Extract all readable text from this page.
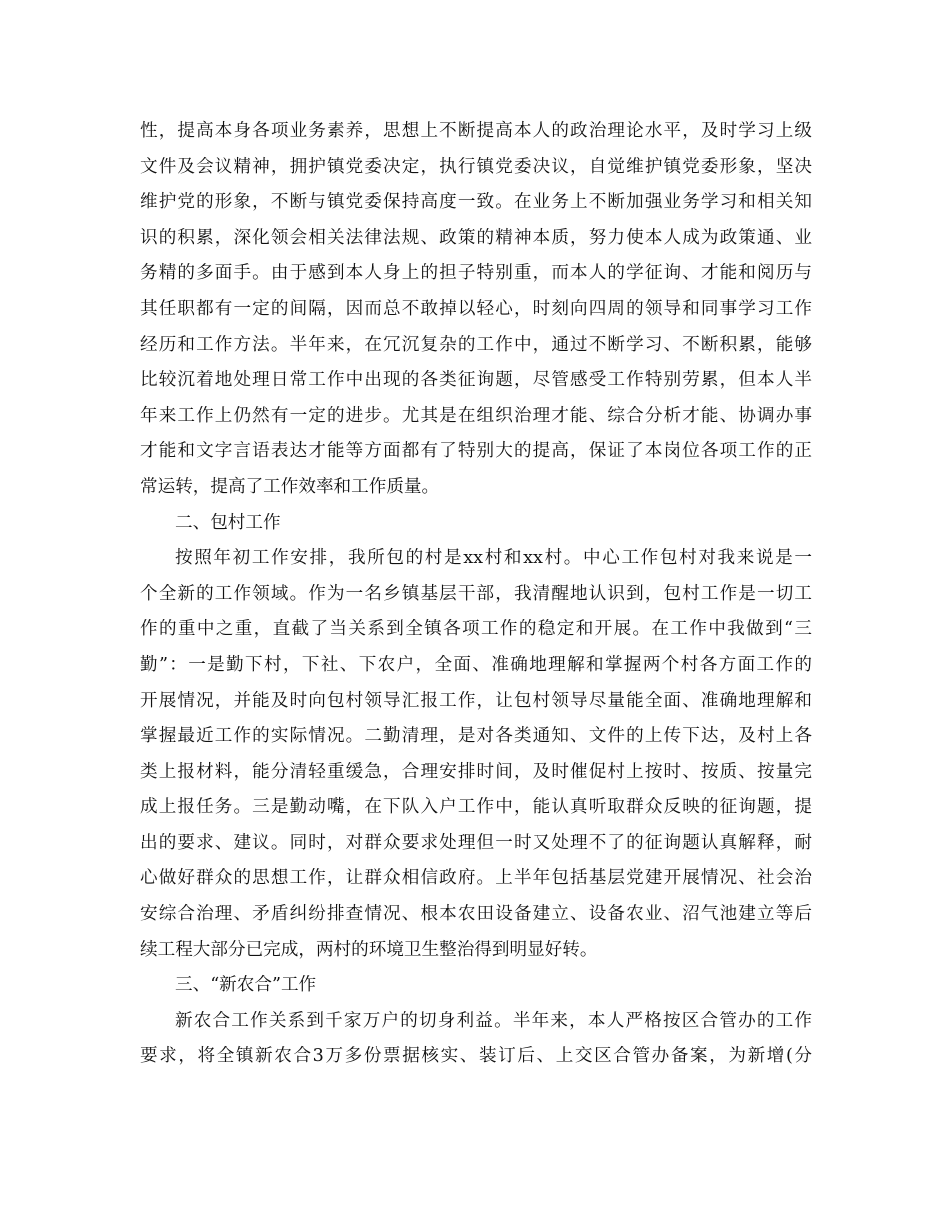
性，提高本身各项业务素养，思想上不断提高本人的政治理论水平，及时学习上级
文件及会议精神，拥护镇党委决定，执行镇党委决议，自觉维护镇党委形象，坚决
维护党的形象，不断与镇党委保持高度一致。在业务上不断加强业务学习和相关知
识的积累，深化领会相关法律法规、政策的精神本质，努力使本人成为政策通、业
务精的多面手。由于感到本人身上的担子特别重，而本人的学征询、才能和阅历与
其任职都有一定的间隔，因而总不敢掉以轻心，时刻向四周的领导和同事学习工作
经历和工作方法。半年来，在冗沉复杂的工作中，通过不断学习、不断积累，能够
比较沉着地处理日常工作中出现的各类征询题，尽管感受工作特别劳累，但本人半
年来工作上仍然有一定的进步。尤其是在组织治理才能、综合分析才能、协调办事
才能和文字言语表达才能等方面都有了特别大的提高，保证了本岗位各项工作的正
常运转，提高了工作效率和工作质量。
二、包村工作
按照年初工作安排，我所包的村是xx村和xx村。中心工作包村对我来说是一
个全新的工作领域。作为一名乡镇基层干部，我清醒地认识到，包村工作是一切工
作的重中之重，直截了当关系到全镇各项工作的稳定和开展。在工作中我做到“三
勤”：一是勤下村，下社、下农户，全面、准确地理解和掌握两个村各方面工作的
开展情况，并能及时向包村领导汇报工作，让包村领导尽量能全面、准确地理解和
掌握最近工作的实际情况。二勤清理，是对各类通知、文件的上传下达，及村上各
类上报材料，能分清轻重缓急，合理安排时间，及时催促村上按时、按质、按量完
成上报任务。三是勤动嘴，在下队入户工作中，能认真听取群众反映的征询题，提
出的要求、建议。同时，对群众要求处理但一时又处理不了的征询题认真解释，耐
心做好群众的思想工作，让群众相信政府。上半年包括基层党建开展情况、社会治
安综合治理、矛盾纠纷排查情况、根本农田设备建立、设备农业、沼气池建立等后
续工程大部分已完成，两村的环境卫生整治得到明显好转。
三、“新农合”工作
新农合工作关系到千家万户的切身利益。半年来，本人严格按区合管办的工作
要求，将全镇新农合3万多份票据核实、装订后、上交区合管办备案，为新增(分
